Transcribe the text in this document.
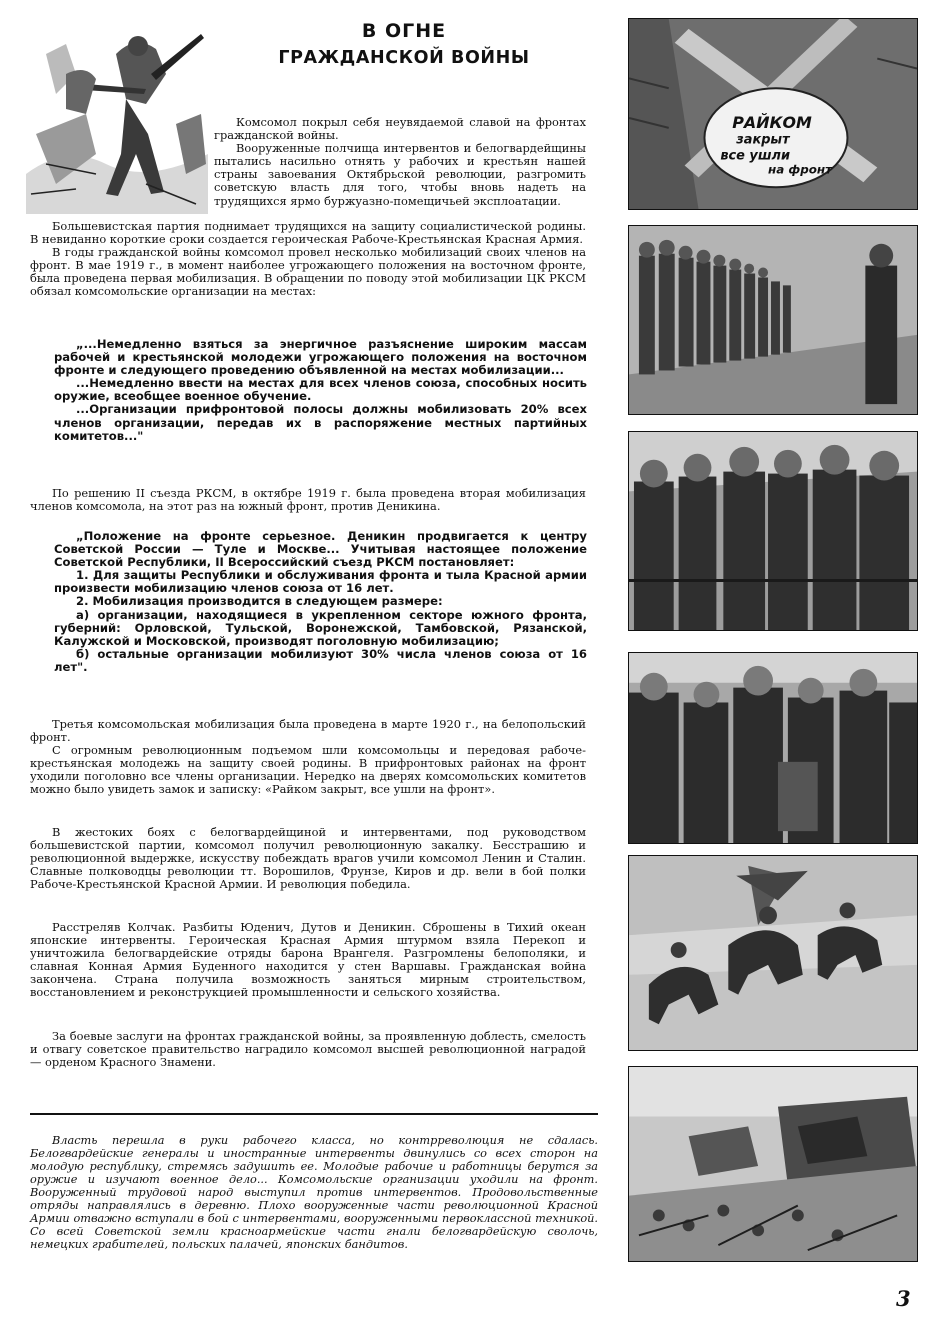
В ОГНЕ
ГРАЖДАНСКОЙ ВОЙНЫ

Комсомол покрыл себя неувядаемой славой на фронтах гражданской войны.

Вооруженные полчища интервентов и белогвардейщины пытались насильно отнять у рабочих и крестьян нашей страны завоевания Октябрьской революции, разгромить советскую власть для того, чтобы вновь надеть на трудящихся ярмо буржуазно-помещичьей эксплоатации.

Большевистская партия поднимает трудящихся на защиту социалистической родины. В невиданно короткие сроки создается героическая Рабоче-Крестьянская Красная Армия.

В годы гражданской войны комсомол провел несколько мобилизаций своих членов на фронт. В мае 1919 г., в момент наиболее угрожающего положения на восточном фронте, была проведена первая мобилизация. В обращении по поводу этой мобилизации ЦК РКСМ обязал комсомольские организации на местах:

„...Немедленно взяться за энергичное разъяснение широким массам рабочей и крестьянской молодежи угрожающего положения на восточном фронте и следующего проведению объявленной на местах мобилизации...

...Немедленно ввести на местах для всех членов союза, способных носить оружие, всеобщее военное обучение.

...Организации прифронтовой полосы должны мобилизовать 20% всех членов организации, передав их в распоряжение местных партийных комитетов..."

По решению II съезда РКСМ, в октябре 1919 г. была проведена вторая мобилизация членов комсомола, на этот раз на южный фронт, против Деникина.

„Положение на фронте серьезное. Деникин продвигается к центру Советской России — Туле и Москве... Учитывая настоящее положение Советской Республики, II Всероссийский съезд РКСМ постановляет:

1. Для защиты Республики и обслуживания фронта и тыла Красной армии произвести мобилизацию членов союза от 16 лет.

2. Мобилизация производится в следующем размере:

а) организации, находящиеся в укрепленном секторе южного фронта, губерний: Орловской, Тульской, Воронежской, Тамбовской, Рязанской, Калужской и Московской, производят поголовную мобилизацию;

б) остальные организации мобилизуют 30% числа членов союза от 16 лет".

Третья комсомольская мобилизация была проведена в марте 1920 г., на белопольский фронт.

С огромным революционным подъемом шли комсомольцы и передовая рабоче-крестьянская молодежь на защиту своей родины. В прифронтовых районах на фронт уходили поголовно все члены организации. Нередко на дверях комсомольских комитетов можно было увидеть замок и записку: «Райком закрыт, все ушли на фронт».

В жестоких боях с белогвардейщиной и интервентами, под руководством большевистской партии, комсомол получил революционную закалку. Бесстрашию и революционной выдержке, искусству побеждать врагов учили комсомол Ленин и Сталин. Славные полководцы революции тт. Ворошилов, Фрунзе, Киров и др. вели в бой полки Рабоче-Крестьянской Красной Армии. И революция победила.

Расстреляв Колчак. Разбиты Юденич, Дутов и Деникин. Сброшены в Тихий океан японские интервенты. Героическая Красная Армия штурмом взяла Перекоп и уничтожила белогвардейские отряды барона Врангеля. Разгромлены белополяки, и славная Конная Армия Буденного находится у стен Варшавы. Гражданская война закончена. Страна получила возможность заняться мирным строительством, восстановлением и реконструкцией промышленности и сельского хозяйства.

За боевые заслуги на фронтах гражданской войны, за проявленную доблесть, смелость и отвагу советское правительство наградило комсомол высшей революционной наградой — орденом Красного Знамени.

Власть перешла в руки рабочего класса, но контрреволюция не сдалась. Белогвардейские генералы и иностранные интервенты двинулись со всех сторон на молодую республику, стремясь задушить ее. Молодые рабочие и работницы берутся за оружие и изучают военное дело... Комсомольские организации уходили на фронт. Вооруженный трудовой народ выступил против интервентов. Продовольственные отряды направлялись в деревню. Плохо вооруженные части революционной Красной Армии отважно вступали в бой с интервентами, вооруженными первоклассной техникой. Со всей Советской земли красноармейские части гнали белогвардейскую сволочь, немецких грабителей, польских палачей, японских бандитов.

РАЙКОМ
закрыт
все ушли
на фронт
3
